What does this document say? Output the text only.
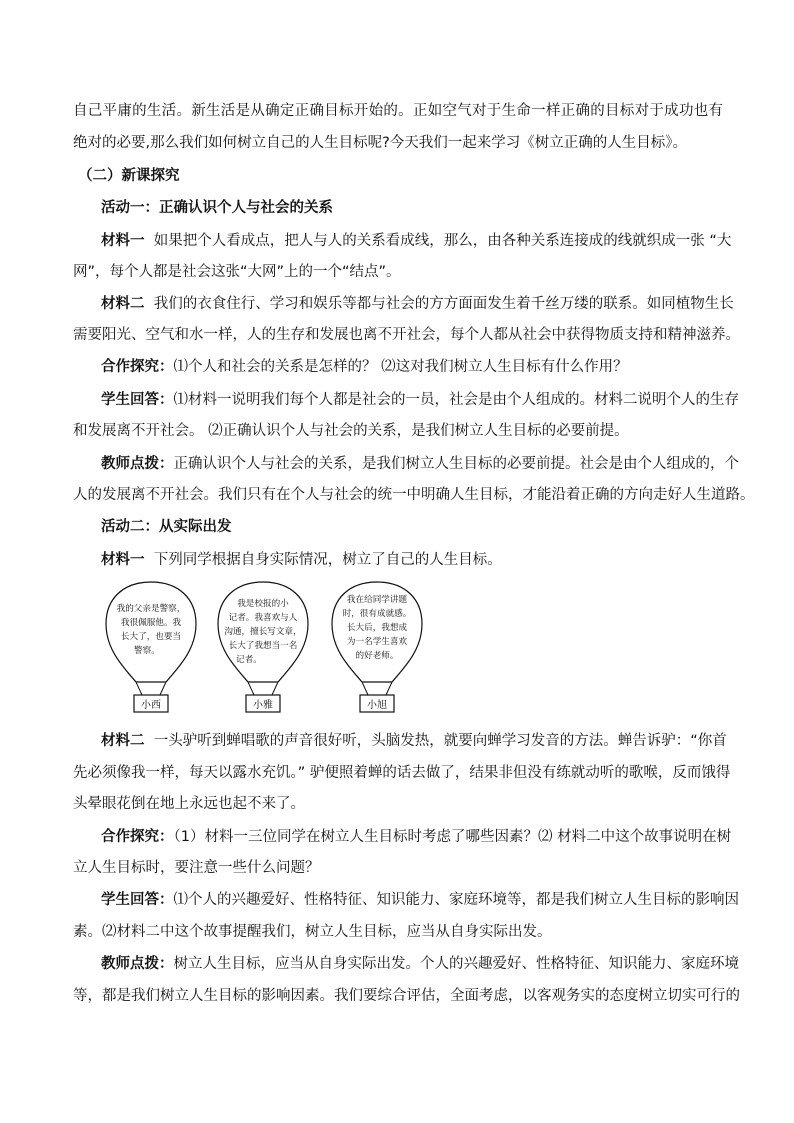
自己平庸的生活。新生活是从确定正确目标开始的。正如空气对于生命一样正确的目标对于成功也有
绝对的必要,那么我们如何树立自己的人生目标呢?今天我们一起来学习《树立正确的人生目标》。
（二）新课探究
活动一：正确认识个人与社会的关系
材料一 如果把个人看成点，把人与人的关系看成线，那么，由各种关系连接成的线就织成一张 “大
网”，每个人都是社会这张“大网”上的一个“结点”。
材料二 我们的衣食住行、学习和娱乐等都与社会的方方面面发生着千丝万缕的联系。如同植物生长
需要阳光、空气和水一样，人的生存和发展也离不开社会，每个人都从社会中获得物质支持和精神滋养。
合作探究：⑴个人和社会的关系是怎样的？ ⑵这对我们树立人生目标有什么作用？
学生回答：⑴材料一说明我们每个人都是社会的一员，社会是由个人组成的。材料二说明个人的生存
和发展离不开社会。 ⑵正确认识个人与社会的关系，是我们树立人生目标的必要前提。
教师点拨：正确认识个人与社会的关系，是我们树立人生目标的必要前提。社会是由个人组成的，个
人的发展离不开社会。我们只有在个人与社会的统一中明确人生目标，才能沿着正确的方向走好人生道路。
活动二：从实际出发
材料一 下列同学根据自身实际情况，树立了自己的人生目标。
小西
我的父亲是警察，
我很佩服他。我
长大了，也要当
警察。
小雅
我是校报的小
记者。我喜欢与人
沟通，擅长写文章，
长大了我想当一名
记者。
小旭
我在给同学讲题
时，很有成就感。
长大后，我想成
为一名学生喜欢
的好老师。
材料二 一头驴听到蝉唱歌的声音很好听，头脑发热，就要向蝉学习发音的方法。蝉告诉驴：“你首
先必须像我一样，每天以露水充饥。” 驴便照着蝉的话去做了，结果非但没有练就动听的歌喉，反而饿得
头晕眼花倒在地上永远也起不来了。
合作探究：（1）材料一三位同学在树立人生目标时考虑了哪些因素？⑵ 材料二中这个故事说明在树
立人生目标时，要注意一些什么问题？
学生回答：⑴个人的兴趣爱好、性格特征、知识能力、家庭环境等，都是我们树立人生目标的影响因
素。⑵材料二中这个故事提醒我们，树立人生目标，应当从自身实际出发。
教师点拨：树立人生目标，应当从自身实际出发。个人的兴趣爱好、性格特征、知识能力、家庭环境
等，都是我们树立人生目标的影响因素。我们要综合评估，全面考虑，以客观务实的态度树立切实可行的
